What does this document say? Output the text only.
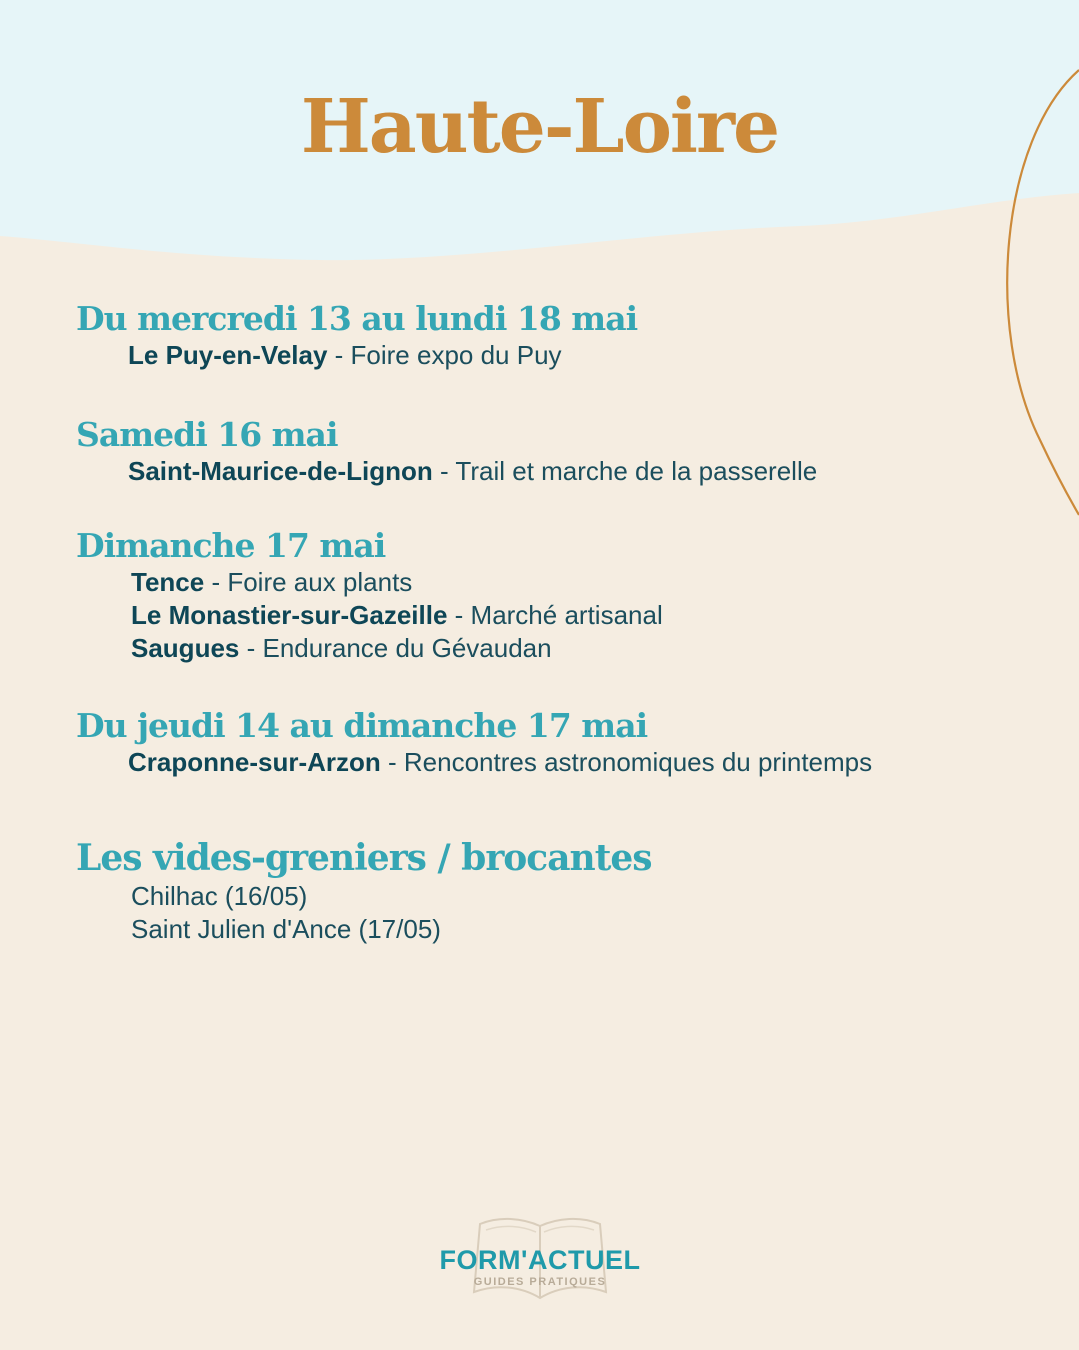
Haute-Loire
Du mercredi 13 au lundi 18 mai
Le Puy-en-Velay - Foire expo du Puy
Samedi 16 mai
Saint-Maurice-de-Lignon - Trail et marche de la passerelle
Dimanche 17 mai
Tence - Foire aux plants
Le Monastier-sur-Gazeille - Marché artisanal
Saugues - Endurance du Gévaudan
Du jeudi 14 au dimanche 17 mai
Craponne-sur-Arzon - Rencontres astronomiques du printemps
Les vides-greniers / brocantes
Chilhac (16/05)
Saint Julien d'Ance (17/05)
FORM'ACTUEL
GUIDES PRATIQUES
